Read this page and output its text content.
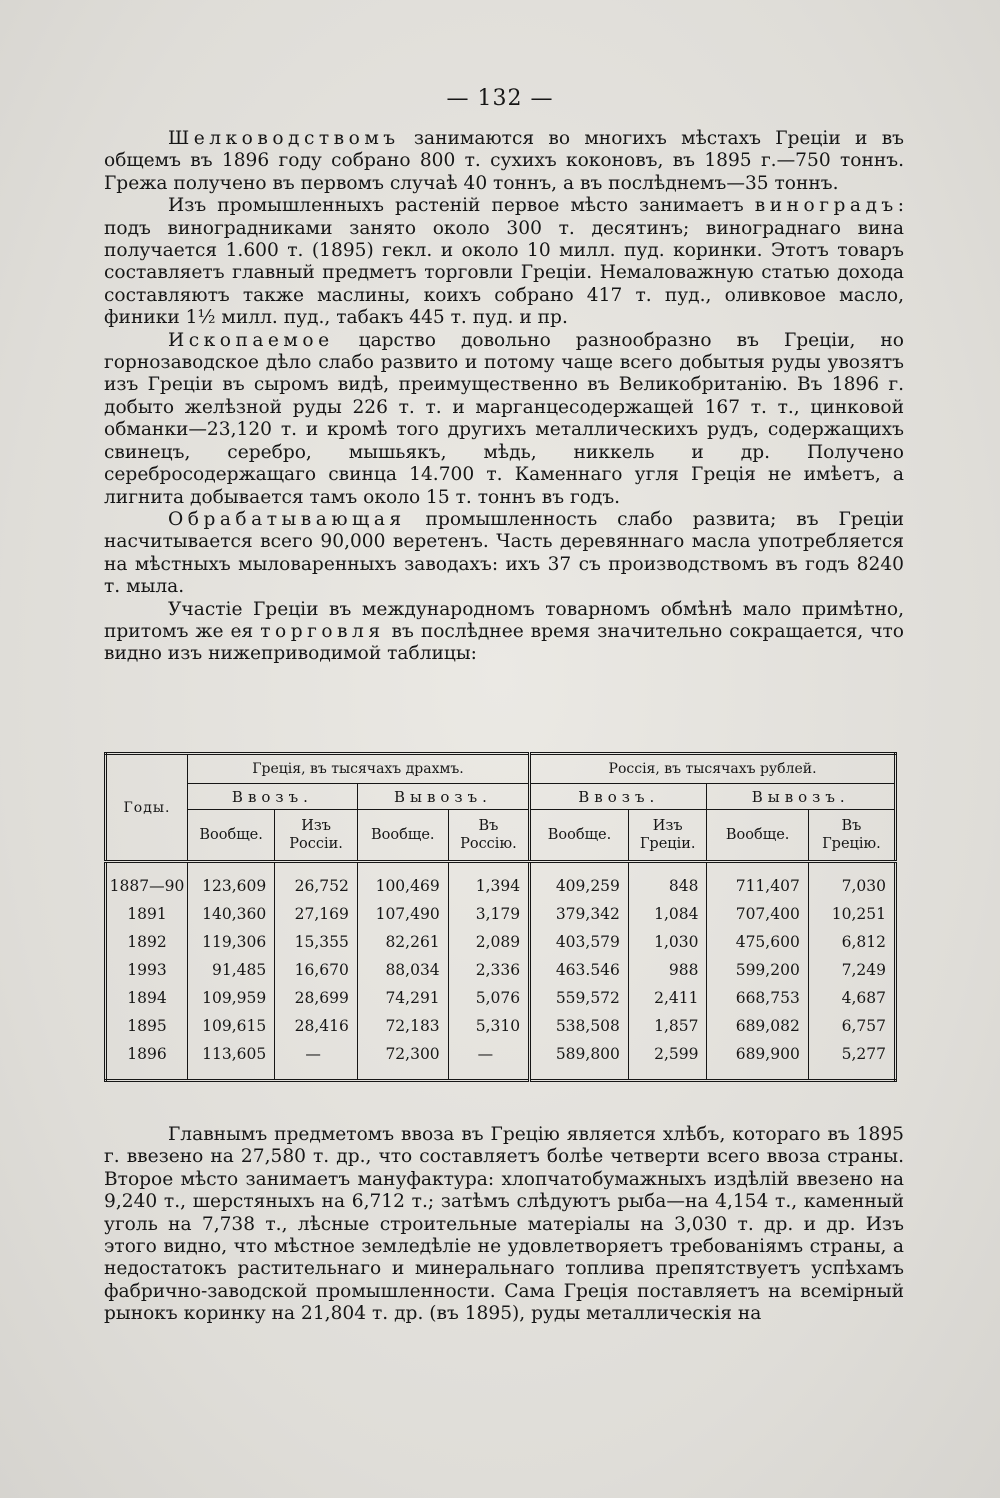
— 132 —

Шелководствомъ занимаются во многихъ мѣстахъ Греціи и въ общемъ въ 1896 году собрано 800 т. сухихъ коконовъ, въ 1895 г.—750 тоннъ. Грежа получено въ первомъ случаѣ 40 тоннъ, а въ послѣднемъ—35 тоннъ.

Изъ промышленныхъ растеній первое мѣсто занимаетъ виноградъ: подъ виноградниками занято около 300 т. десятинъ; винограднаго вина получается 1.600 т. (1895) гекл. и около 10 милл. пуд. коринки. Этотъ товаръ составляетъ главный предметъ торговли Греціи. Немаловажную статью дохода составляютъ также маслины, коихъ собрано 417 т. пуд., оливковое масло, финики 1½ милл. пуд., табакъ 445 т. пуд. и пр.

Ископаемое царство довольно разнообразно въ Греціи, но горнозаводское дѣло слабо развито и потому чаще всего добытыя руды увозятъ изъ Греціи въ сыромъ видѣ, преимущественно въ Великобританію. Въ 1896 г. добыто желѣзной руды 226 т. т. и марганцесодержащей 167 т. т., цинковой обманки—23,120 т. и кромѣ того другихъ металлическихъ рудъ, содержащихъ свинецъ, серебро, мышьякъ, мѣдь, никкель и др. Получено серебросодержащаго свинца 14.700 т. Каменнаго угля Греція не имѣетъ, а лигнита добывается тамъ около 15 т. тоннъ въ годъ.

Обрабатывающая промышленность слабо развита; въ Греціи насчитывается всего 90,000 веретенъ. Часть деревяннаго масла употребляется на мѣстныхъ мыловаренныхъ заводахъ: ихъ 37 съ производствомъ въ годъ 8240 т. мыла.

Участіе Греціи въ международномъ товарномъ обмѣнѣ мало примѣтно, притомъ же ея торговля въ послѣднее время значительно сокращается, что видно изъ нижеприводимой таблицы:

Годы.	Греція, въ тысячахъ драхмъ.				Россія, въ тысячахъ рублей.			
	Ввозъ.		Вывозъ.		Ввозъ.		Вывозъ.	
	Вообще.	Изъ Россіи.	Вообще.	Въ Россію.	Вообще.	Изъ Греціи.	Вообще.	Въ Грецію.
1887—90	123,609	26,752	100,469	1,394	409,259	848	711,407	7,030
1891	140,360	27,169	107,490	3,179	379,342	1,084	707,400	10,251
1892	119,306	15,355	82,261	2,089	403,579	1,030	475,600	6,812
1993	91,485	16,670	88,034	2,336	463.546	988	599,200	7,249
1894	109,959	28,699	74,291	5,076	559,572	2,411	668,753	4,687
1895	109,615	28,416	72,183	5,310	538,508	1,857	689,082	6,757
1896	113,605	—	72,300	—	589,800	2,599	689,900	5,277

Главнымъ предметомъ ввоза въ Грецію является хлѣбъ, котораго въ 1895 г. ввезено на 27,580 т. др., что составляетъ болѣе четверти всего ввоза страны. Второе мѣсто занимаетъ мануфактура: хлопчатобумажныхъ издѣлій ввезено на 9,240 т., шерстяныхъ на 6,712 т.; затѣмъ слѣдуютъ рыба—на 4,154 т., каменный уголь на 7,738 т., лѣсные строительные матеріалы на 3,030 т. др. и др. Изъ этого видно, что мѣстное земледѣліе не удовлетворяетъ требованіямъ страны, а недостатокъ растительнаго и минеральнаго топлива препятствуетъ успѣхамъ фабрично-заводской промышленности. Сама Греція поставляетъ на всемірный рынокъ коринку на 21,804 т. др. (въ 1895), руды металлическія на
